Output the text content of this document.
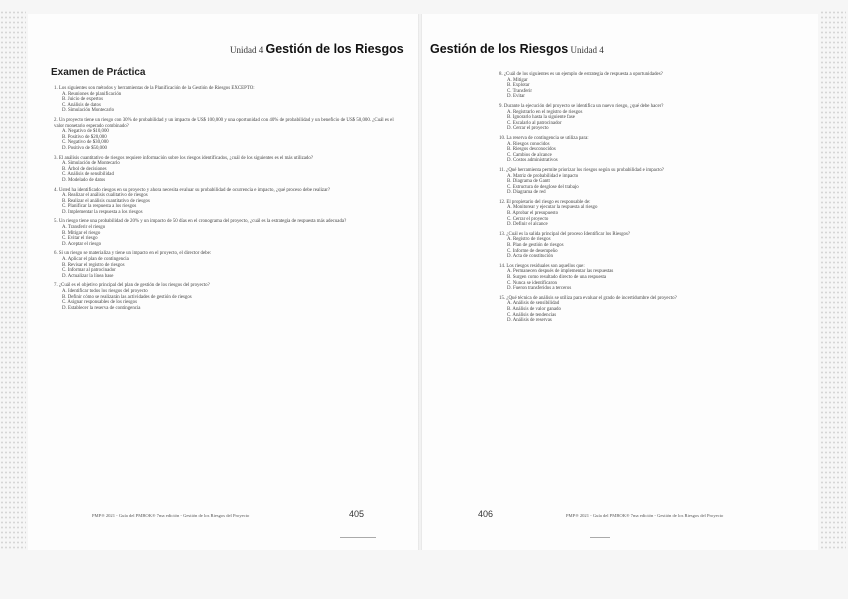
Unidad 4 Gestión de los Riesgos Gestión de los Riesgos Unidad 4
Examen de Práctica

1. Los siguientes son métodos y herramientas de la Planificación de la Gestión de Riesgos EXCEPTO:

A. Reuniones de planificación

B. Juicio de expertos

C. Análisis de datos

D. Simulación Montecarlo

2. Un proyecto tiene un riesgo con 30% de probabilidad y un impacto de US$ 100,000 y una oportunidad con 40% de probabilidad y un beneficio de US$ 50,000. ¿Cuál es el valor monetario esperado combinado?

A. Negativo de $10,000

B. Positivo de $20,000

C. Negativo de $30,000

D. Positivo de $50,000

3. El análisis cuantitativo de riesgos requiere información sobre los riesgos identificados, ¿cuál de los siguientes es el más utilizado?

A. Simulación de Montecarlo

B. Árbol de decisiones

C. Análisis de sensibilidad

D. Modelado de datos

4. Usted ha identificado riesgos en su proyecto y ahora necesita evaluar su probabilidad de ocurrencia e impacto, ¿qué proceso debe realizar?

A. Realizar el análisis cualitativo de riesgos

B. Realizar el análisis cuantitativo de riesgos

C. Planificar la respuesta a los riesgos

D. Implementar la respuesta a los riesgos

5. Un riesgo tiene una probabilidad de 20% y un impacto de 50 días en el cronograma del proyecto, ¿cuál es la estrategia de respuesta más adecuada?

A. Transferir el riesgo

B. Mitigar el riesgo

C. Evitar el riesgo

D. Aceptar el riesgo

6. Si un riesgo se materializa y tiene un impacto en el proyecto, el director debe:

A. Aplicar el plan de contingencia

B. Revisar el registro de riesgos

C. Informar al patrocinador

D. Actualizar la línea base

7. ¿Cuál es el objetivo principal del plan de gestión de los riesgos del proyecto?

A. Identificar todos los riesgos del proyecto

B. Definir cómo se realizarán las actividades de gestión de riesgos

C. Asignar responsables de los riesgos

D. Establecer la reserva de contingencia

8. ¿Cuál de los siguientes es un ejemplo de estrategia de respuesta a oportunidades?

A. Mitigar

B. Explotar

C. Transferir

D. Evitar

9. Durante la ejecución del proyecto se identifica un nuevo riesgo, ¿qué debe hacer?

A. Registrarlo en el registro de riesgos

B. Ignorarlo hasta la siguiente fase

C. Escalarlo al patrocinador

D. Cerrar el proyecto

10. La reserva de contingencia se utiliza para:

A. Riesgos conocidos

B. Riesgos desconocidos

C. Cambios de alcance

D. Costos administrativos

11. ¿Qué herramienta permite priorizar los riesgos según su probabilidad e impacto?

A. Matriz de probabilidad e impacto

B. Diagrama de Gantt

C. Estructura de desglose del trabajo

D. Diagrama de red

12. El propietario del riesgo es responsable de:

A. Monitorear y ejecutar la respuesta al riesgo

B. Aprobar el presupuesto

C. Cerrar el proyecto

D. Definir el alcance

13. ¿Cuál es la salida principal del proceso Identificar los Riesgos?

A. Registro de riesgos

B. Plan de gestión de riesgos

C. Informe de desempeño

D. Acta de constitución

14. Los riesgos residuales son aquellos que:

A. Permanecen después de implementar las respuestas

B. Surgen como resultado directo de una respuesta

C. Nunca se identificaron

D. Fueron transferidos a terceros

15. ¿Qué técnica de análisis se utiliza para evaluar el grado de incertidumbre del proyecto?

A. Análisis de sensibilidad

B. Análisis de valor ganado

C. Análisis de tendencias

D. Análisis de reservas

PMP® 2021 - Guía del PMBOK® 7ma edición - Gestión de los Riesgos del Proyecto	405	406	PMP® 2021 - Guía del PMBOK® 7ma edición - Gestión de los Riesgos del Proyecto
